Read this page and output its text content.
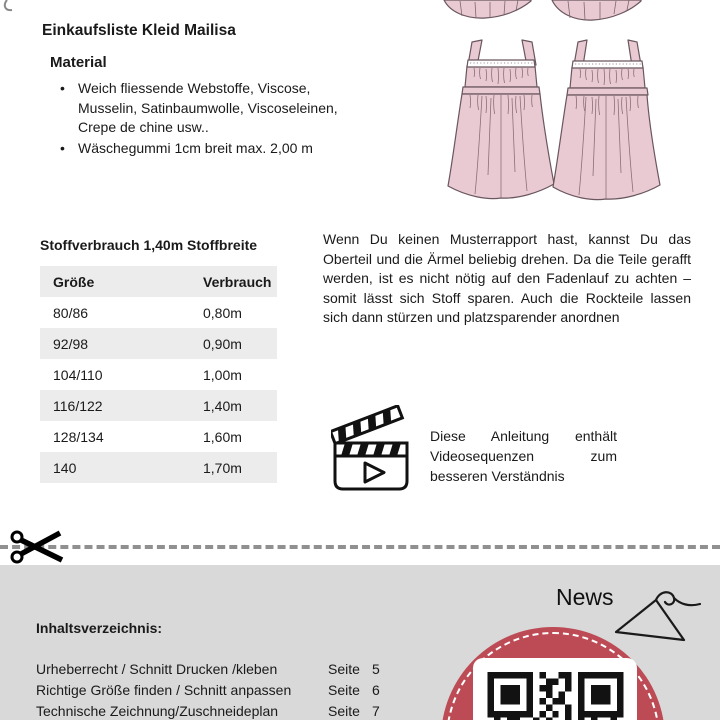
Einkaufsliste Kleid Mailisa
Material
• Weich fliessende Webstoffe, Viscose, Musselin, Satinbaumwolle, Viscoseleinen, Crepe de chine usw..
• Wäschegummi 1cm breit max. 2,00 m
Stoffverbrauch 1,40m Stoffbreite
Größe	Verbrauch
80/86	0,80m
92/98	0,90m
104/110	1,00m
116/122	1,40m
128/134	1,60m
140	1,70m
Wenn Du keinen Musterrapport hast, kannst Du das Oberteil und die Ärmel beliebig drehen. Da die Teile gerafft werden, ist es nicht nötig auf den Fadenlauf zu achten – somit lässt sich Stoff sparen. Auch die Rockteile lassen sich dann stürzen und platzsparender anordnen
Diese Anleitung enthält Videosequenzen zum besseren Verständnis
Inhaltsverzeichnis:
Urheberrecht / Schnitt Drucken /kleben	Seite 5
Richtige Größe finden / Schnitt anpassen	Seite 6
Technische Zeichnung/Zuschneideplan	Seite 7
News
